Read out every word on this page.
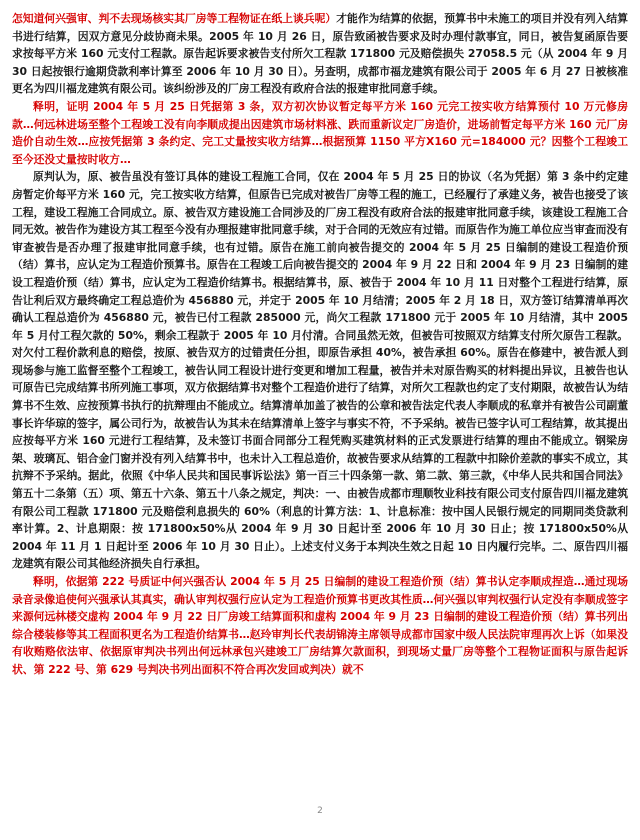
怎知道何兴强审、判不去现场核实其厂房等工程物证在纸上谈兵呢）才能作为结算的依据，预算书中未施工的项目并没有列入结算书进行结算，因双方意见分歧协商未果。2005 年 10 月 26 日，原告致函被告要求及时办理付款事宜，同日，被告复函原告要求按每平方米 160 元支付工程款。原告起诉要求被告支付所欠工程款 171800 元及赔偿损失 27058.5 元（从 2004 年 9 月 30 日起按银行逾期贷款利率计算至 2006 年 10 月 30 日）。另查明，成都市福龙建筑有限公司于 2005 年 6 月 27 日被核准更名为四川福龙建筑有限公司。该纠纷涉及的厂房工程没有政府合法的报建审批同意手续。

释明，证明 2004 年 5 月 25 日凭据第 3 条，双方初次协议暂定每平方米 160 元完工按实收方结算预付 10 万元修房款…何远林进场至整个工程竣工没有向李顺成提出因建筑市场材料涨、跌而重新议定厂房造价，进场前暂定每平方米 160 元厂房造价自动生效…应按凭据第 3 条约定、完工丈量按实收方结算…根据预算 1150 平方X160 元=184000 元？因整个工程竣工至今还没丈量按时收方…

原判认为，原、被告虽没有签订具体的建设工程施工合同，仅在 2004 年 5 月 25 日的协议（名为凭据）第 3 条中约定建房暂定价每平方米 160 元，完工按实收方结算，但原告已完成对被告厂房等工程的施工，已经履行了承建义务，被告也接受了该工程，建设工程施工合同成立。原、被告双方建设施工合同涉及的厂房工程没有政府合法的报建审批同意手续，该建设工程施工合同无效。被告作为建设方其工程至今没有办理报建审批同意手续，对于合同的无效应有过错。而原告作为施工单位应当审查而没有审查被告是否办理了报建审批同意手续，也有过错。原告在施工前向被告提交的 2004 年 5 月 25 日编制的建设工程造价预（结）算书，应认定为工程造价预算书。原告在工程竣工后向被告提交的 2004 年 9 月 22 日和 2004 年 9 月 23 日编制的建设工程造价预（结）算书，应认定为工程造价结算书。根据结算书，原、被告于 2004 年 10 月 11 日对整个工程进行结算，原告让利后双方最终确定工程总造价为 456880 元，并定于 2005 年 10 月结清；2005 年 2 月 18 日，双方签订结算清单再次确认工程总造价为 456880 元，被告已付工程款 285000 元，尚欠工程款 171800 元于 2005 年 10 月结清，其中 2005 年 5 月付工程欠款的 50%，剩余工程款于 2005 年 10 月付清。合同虽然无效，但被告可按照双方结算支付所欠原告工程款。对欠付工程价款利息的赔偿，按原、被告双方的过错责任分担，即原告承担 40%，被告承担 60%。原告在修建中，被告派人到现场参与施工监督至整个工程竣工，被告认同工程设计进行变更和增加工程量，被告并未对原告购买的材料提出异议，且被告也认可原告已完成结算书所列施工事项，双方依据结算书对整个工程造价进行了结算，对所欠工程款也约定了支付期限，故被告认为结算书不生效、应按预算书执行的抗辩理由不能成立。结算清单加盖了被告的公章和被告法定代表人李顺成的私章并有被告公司副董事长许华琼的签字，属公司行为，故被告认为其未在结算清单上签字与事实不符，不予采纳。被告已签字认可工程结算，故其提出应按每平方米 160 元进行工程结算，及未签订书面合同部分工程凭购买建筑材料的正式发票进行结算的理由不能成立。钢梁房架、玻璃瓦、铝合金门窗并没有列入结算书中，也未计入工程总造价，故被告要求从结算的工程款中扣除价差款的事实不成立，其抗辩不予采纳。据此，依照《中华人民共和国民事诉讼法》第一百三十四条第一款、第二款、第三款，《中华人民共和国合同法》第五十二条第（五）项、第五十六条、第五十八条之规定，判决：一、由被告成都市理顺牧业科技有限公司支付原告四川福龙建筑有限公司工程款 171800 元及赔偿利息损失的 60%（利息的计算方法：1、计息标准：按中国人民银行规定的同期同类贷款利率计算。2、计息期限：按 171800x50%从 2004 年 9 月 30 日起计至 2006 年 10 月 30 日止；按 171800x50%从 2004 年 11 月 1 日起计至 2006 年 10 月 30 日止）。上述支付义务于本判决生效之日起 10 日内履行完毕。二、原告四川福龙建筑有限公司其他经济损失自行承担。

释明，依据第 222 号质证中何兴强否认 2004 年 5 月 25 日编制的建设工程造价预（结）算书认定李顺成捏造…通过现场录音录像追使何兴强承认其真实，确认审判权强行应认定为工程造价预算书更改其性质…何兴强以审判权强行认定没有李顺成签字来源何远林楼交虚构 2004 年 9 月 22 日厂房竣工结算面积和虚构 2004 年 9 月 23 日编制的建设工程造价预（结）算书列出综合楼装修等其工程面积更名为工程造价结算书…赵玲审判长代表胡锦涛主席领导成都市国家中级人民法院审理再次上诉（如果没有收贿赂依法审、依据原审判决书列出何远林承包兴建竣工厂房结算欠款面积，到现场丈量厂房等整个工程物证面积与原告起诉状、第 222 号、第 629 号判决书列出面积不符合再次发回或判决）就不

2
